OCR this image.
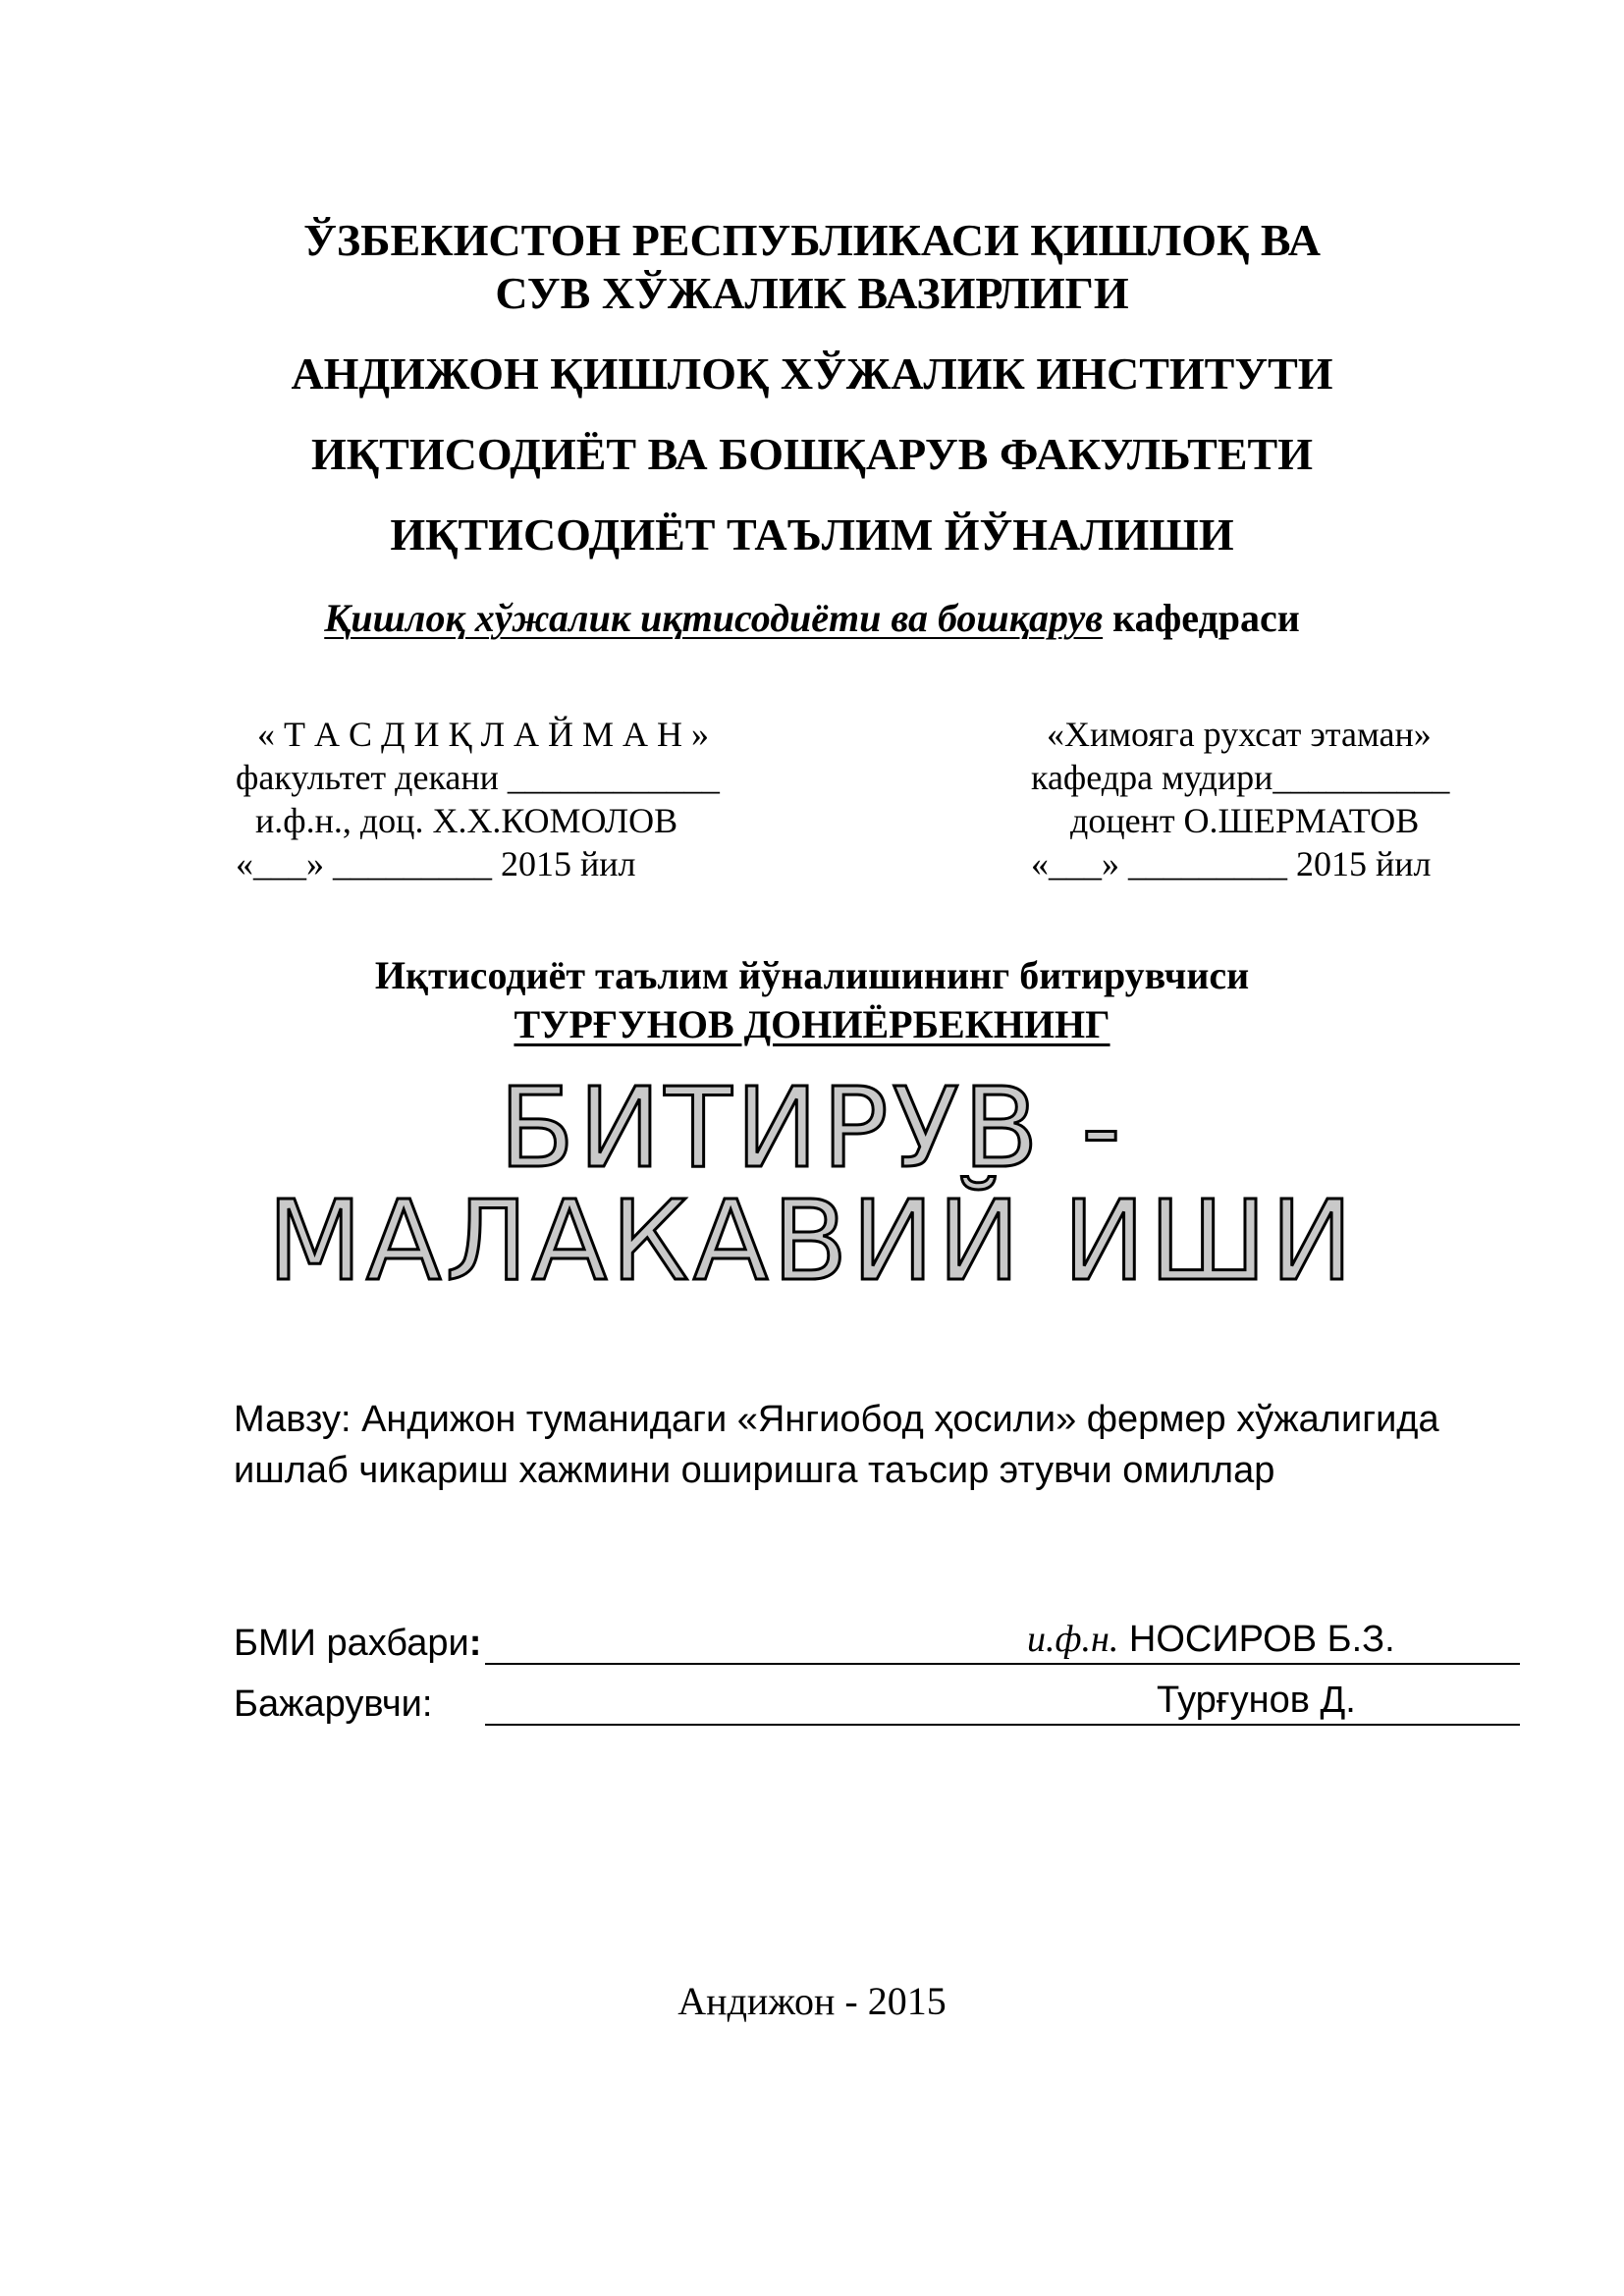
ЎЗБЕКИСТОН РЕСПУБЛИКАСИ ҚИШЛОҚ ВА
СУВ ХЎЖАЛИК ВАЗИРЛИГИ
АНДИЖОН ҚИШЛОҚ ХЎЖАЛИК ИНСТИТУТИ
ИҚТИСОДИЁТ ВА БОШҚАРУВ ФАКУЛЬТЕТИ
ИҚТИСОДИЁТ ТАЪЛИМ ЙЎНАЛИШИ
Қишлоқ хўжалик иқтисодиёти ва бошқарув кафедраси
« Т А С Д И Қ Л А Й М А Н »
факультет декани ____________
и.ф.н., доц. Х.Х.КОМОЛОВ
«___» _________ 2015 йил
«Химояга рухсат этаман»
кафедра мудири__________
доцент О.ШЕРМАТОВ
«___» _________ 2015 йил
Иқтисодиёт таълим йўналишининг битирувчиси
ТУРҒУНОВ ДОНИЁРБЕКНИНГ
БИТИРУВ -
МАЛАКАВИЙ ИШИ
Мавзу: Андижон туманидаги «Янгиобод ҳосили» фермер хўжалигида
ишлаб чикариш хажмини оширишга таъсир этувчи омиллар
БМИ рахбари:	и.ф.н. НОСИРОВ Б.З.
Бажарувчи:	Турғунов Д.
Андижон - 2015
